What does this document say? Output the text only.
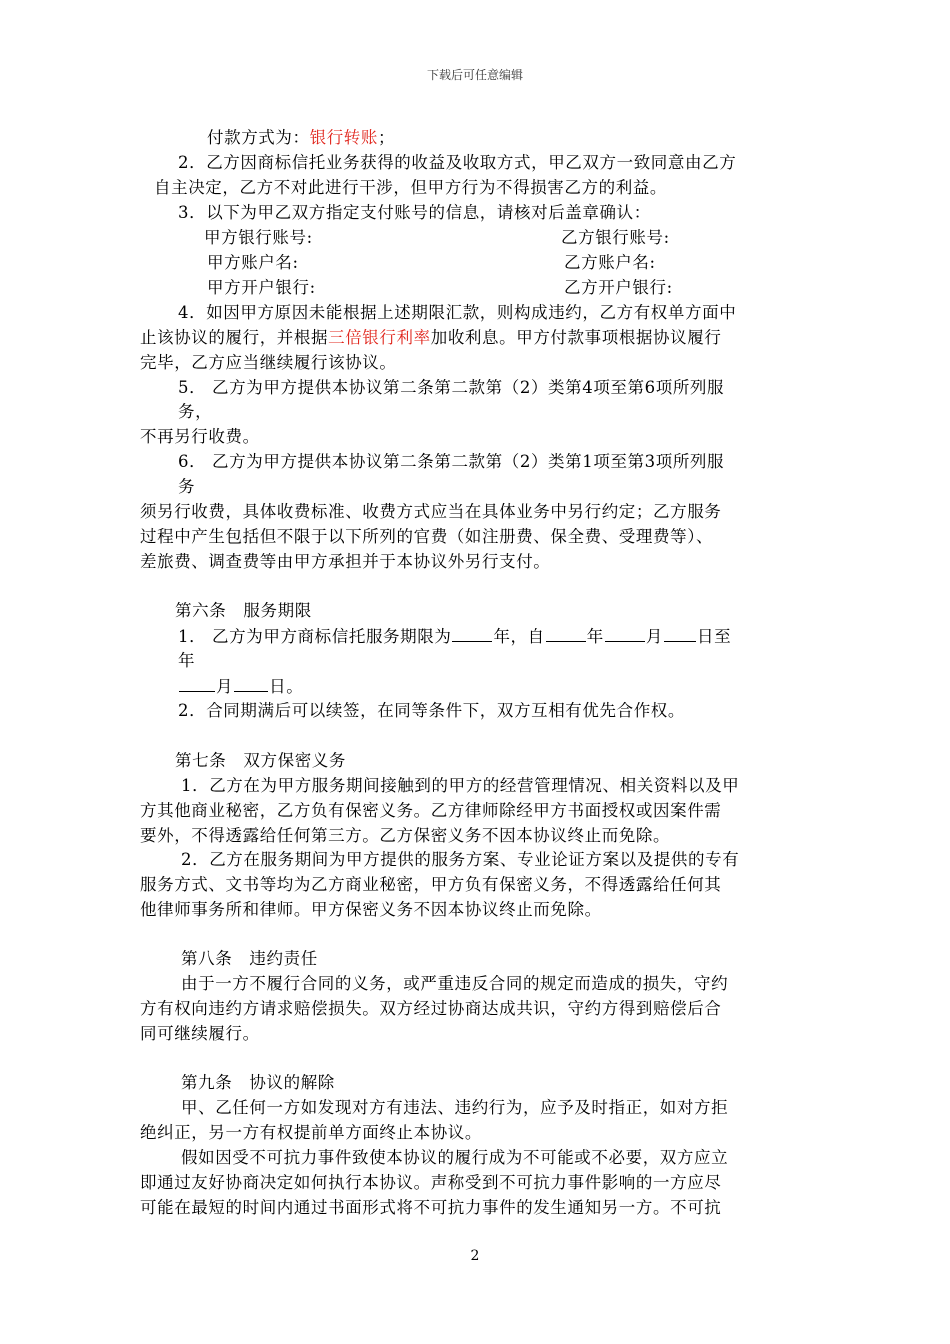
下载后可任意编辑
付款方式为：银行转账；
2．乙方因商标信托业务获得的收益及收取方式，甲乙双方一致同意由乙方
自主决定，乙方不对此进行干涉，但甲方行为不得损害乙方的利益。
3．以下为甲乙双方指定支付账号的信息，请核对后盖章确认：
甲方银行账号:	乙方银行账号:
甲方账户名:	乙方账户名:
甲方开户银行:	乙方开户银行:
4．如因甲方原因未能根据上述期限汇款，则构成违约，乙方有权单方面中
止该协议的履行，并根据三倍银行利率加收利息。甲方付款事项根据协议履行
完毕，乙方应当继续履行该协议。
5． 乙方为甲方提供本协议第二条第二款第（2）类第4项至第6项所列服
务，
不再另行收费。
6． 乙方为甲方提供本协议第二条第二款第（2）类第1项至第3项所列服
务
须另行收费，具体收费标准、收费方式应当在具体业务中另行约定；乙方服务
过程中产生包括但不限于以下所列的官费（如注册费、保全费、受理费等）、
差旅费、调查费等由甲方承担并于本协议外另行支付。
第六条　服务期限
1． 乙方为甲方商标信托服务期限为	年，自	年	月 日至
年
月 日。
2．合同期满后可以续签，在同等条件下，双方互相有优先合作权。
第七条　双方保密义务
1．乙方在为甲方服务期间接触到的甲方的经营管理情况、相关资料以及甲
方其他商业秘密，乙方负有保密义务。乙方律师除经甲方书面授权或因案件需
要外，不得透露给任何第三方。乙方保密义务不因本协议终止而免除。
2．乙方在服务期间为甲方提供的服务方案、专业论证方案以及提供的专有
服务方式、文书等均为乙方商业秘密，甲方负有保密义务，不得透露给任何其
他律师事务所和律师。甲方保密义务不因本协议终止而免除。
第八条　违约责任
由于一方不履行合同的义务，或严重违反合同的规定而造成的损失，守约
方有权向违约方请求赔偿损失。双方经过协商达成共识，守约方得到赔偿后合
同可继续履行。
第九条　协议的解除
甲、乙任何一方如发现对方有违法、违约行为，应予及时指正，如对方拒
绝纠正，另一方有权提前单方面终止本协议。
假如因受不可抗力事件致使本协议的履行成为不可能或不必要，双方应立
即通过友好协商决定如何执行本协议。声称受到不可抗力事件影响的一方应尽
可能在最短的时间内通过书面形式将不可抗力事件的发生通知另一方。不可抗
2
